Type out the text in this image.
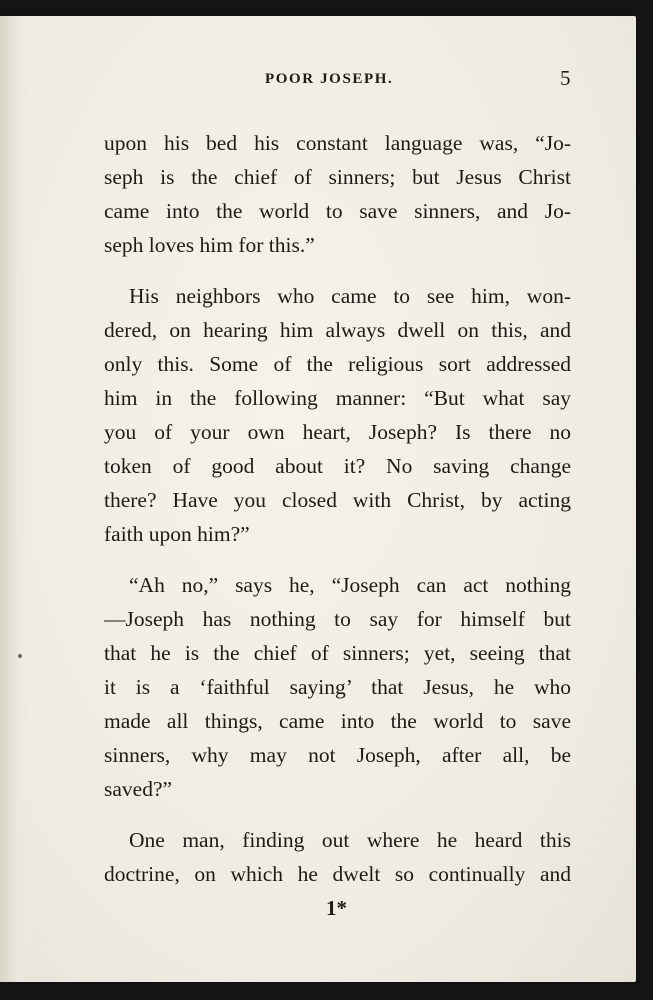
POOR JOSEPH.	5
upon his bed his constant language was, “Jo-
seph is the chief of sinners; but Jesus Christ
came into the world to save sinners, and Jo-
seph loves him for this.”
His neighbors who came to see him, won-
dered, on hearing him always dwell on this, and
only this. Some of the religious sort addressed
him in the following manner: “But what say
you of your own heart, Joseph? Is there no
token of good about it? No saving change
there? Have you closed with Christ, by acting
faith upon him?”
“Ah no,” says he, “Joseph can act nothing
—Joseph has nothing to say for himself but
that he is the chief of sinners; yet, seeing that
it is a ‘faithful saying’ that Jesus, he who
made all things, came into the world to save
sinners, why may not Joseph, after all, be
saved?”
One man, finding out where he heard this
doctrine, on which he dwelt so continually and
1*
